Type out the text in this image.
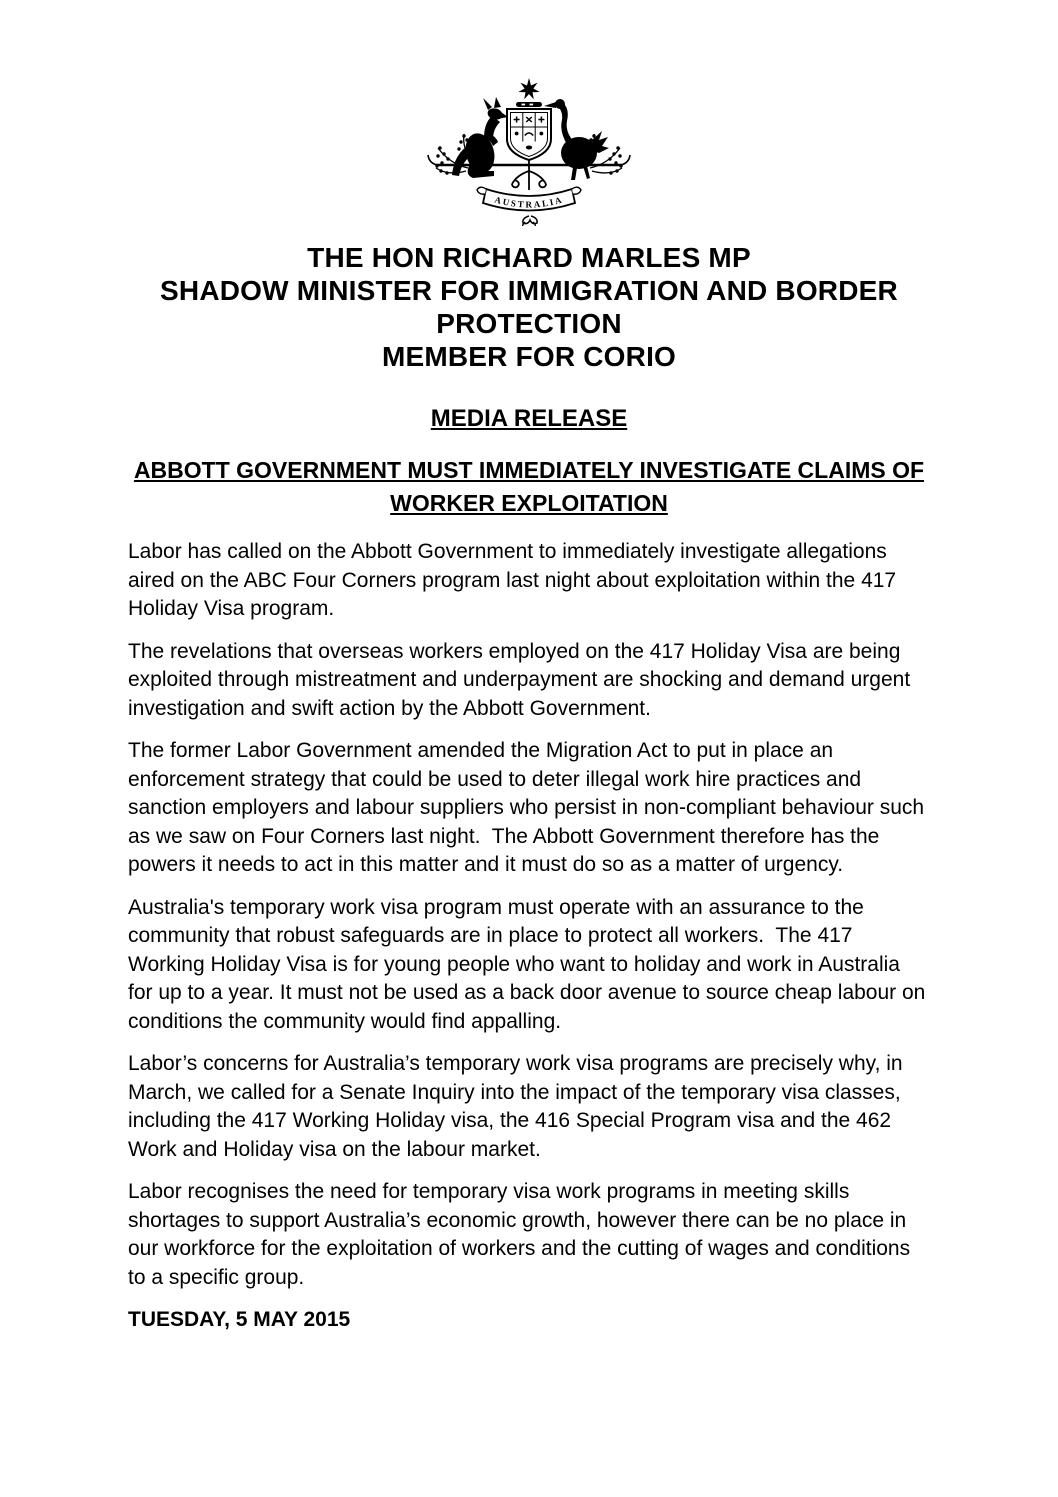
AUSTRALIA
THE HON RICHARD MARLES MP
SHADOW MINISTER FOR IMMIGRATION AND BORDER PROTECTION
MEMBER FOR CORIO
MEDIA RELEASE
ABBOTT GOVERNMENT MUST IMMEDIATELY INVESTIGATE CLAIMS OF WORKER EXPLOITATION

Labor has called on the Abbott Government to immediately investigate allegations aired on the ABC Four Corners program last night about exploitation within the 417 Holiday Visa program.

The revelations that overseas workers employed on the 417 Holiday Visa are being exploited through mistreatment and underpayment are shocking and demand urgent investigation and swift action by the Abbott Government.

The former Labor Government amended the Migration Act to put in place an enforcement strategy that could be used to deter illegal work hire practices and sanction employers and labour suppliers who persist in non-compliant behaviour such as we saw on Four Corners last night.  The Abbott Government therefore has the powers it needs to act in this matter and it must do so as a matter of urgency.

Australia's temporary work visa program must operate with an assurance to the community that robust safeguards are in place to protect all workers.  The 417 Working Holiday Visa is for young people who want to holiday and work in Australia for up to a year. It must not be used as a back door avenue to source cheap labour on conditions the community would find appalling.

Labor’s concerns for Australia’s temporary work visa programs are precisely why, in March, we called for a Senate Inquiry into the impact of the temporary visa classes, including the 417 Working Holiday visa, the 416 Special Program visa and the 462 Work and Holiday visa on the labour market.

Labor recognises the need for temporary visa work programs in meeting skills shortages to support Australia’s economic growth, however there can be no place in our workforce for the exploitation of workers and the cutting of wages and conditions to a specific group.

TUESDAY, 5 MAY 2015
